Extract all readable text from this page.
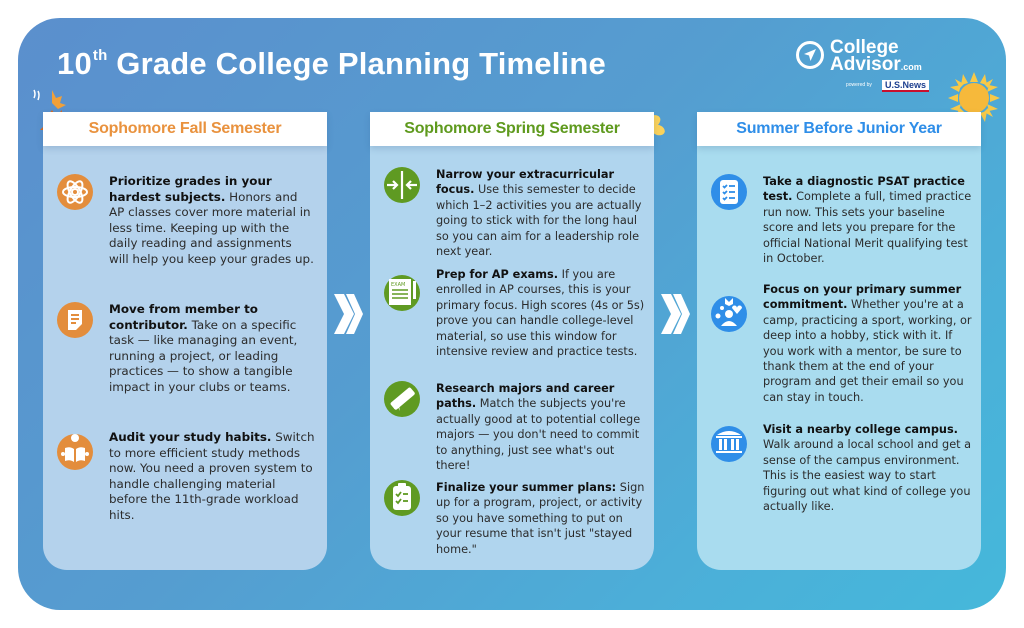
10th Grade College Planning Timeline	College
Advisor.com
powered by	U.S.News
Sophomore Fall Semester
Prioritize grades in your hardest subjects. Honors and AP classes cover more material in less time. Keeping up with the daily reading and assignments will help you keep your grades up.
Move from member to contributor. Take on a specific task — like managing an event, running a project, or leading practices — to show a tangible impact in your clubs or teams.
Audit your study habits. Switch to more efficient study methods now. You need a proven system to handle challenging material before the 11th-grade workload hits.
Sophomore Spring Semester
Narrow your extracurricular focus. Use this semester to decide which 1–2 activities you are actually going to stick with for the long haul so you can aim for a leadership role next year.
EXAM
Prep for AP exams. If you are enrolled in AP courses, this is your primary focus. High scores (4s or 5s) prove you can handle college-level material, so use this window for intensive review and practice tests.
Research majors and career paths. Match the subjects you're actually good at to potential college majors — you don't need to commit to anything, just see what's out there!
Finalize your summer plans: Sign up for a program, project, or activity so you have something to put on your resume that isn't just "stayed home."
Summer Before Junior Year
Take a diagnostic PSAT practice test. Complete a full, timed practice run now. This sets your baseline score and lets you prepare for the official National Merit qualifying test in October.
Focus on your primary summer commitment. Whether you're at a camp, practicing a sport, working, or deep into a hobby, stick with it. If you work with a mentor, be sure to thank them at the end of your program and get their email so you can stay in touch.
Visit a nearby college campus. Walk around a local school and get a sense of the campus environment. This is the easiest way to start figuring out what kind of college you actually like.
